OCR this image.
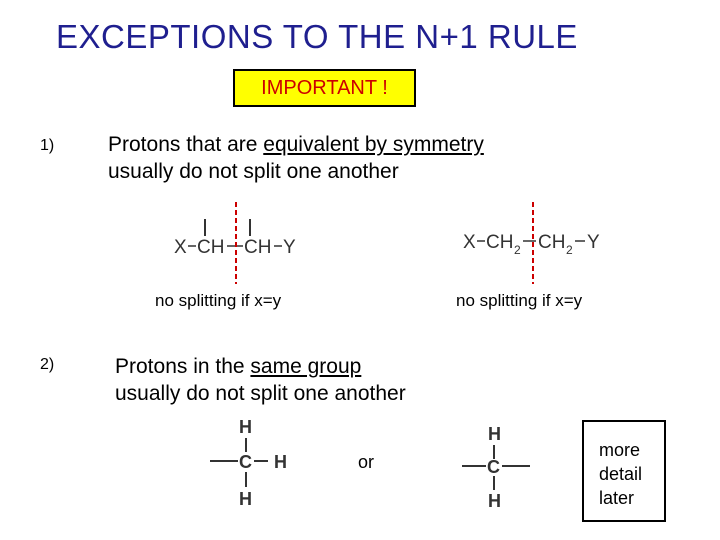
EXCEPTIONS TO THE N+1 RULE
IMPORTANT !
1)	Protons that are equivalent by symmetry
usually do not split one another
2)	Protons in the same group
usually do not split one another
no splitting if x=y	no splitting if x=y
or
more
detail
later
X CH CH Y	X CH 2 CH 2 Y
H
C H
H
H
C
H
